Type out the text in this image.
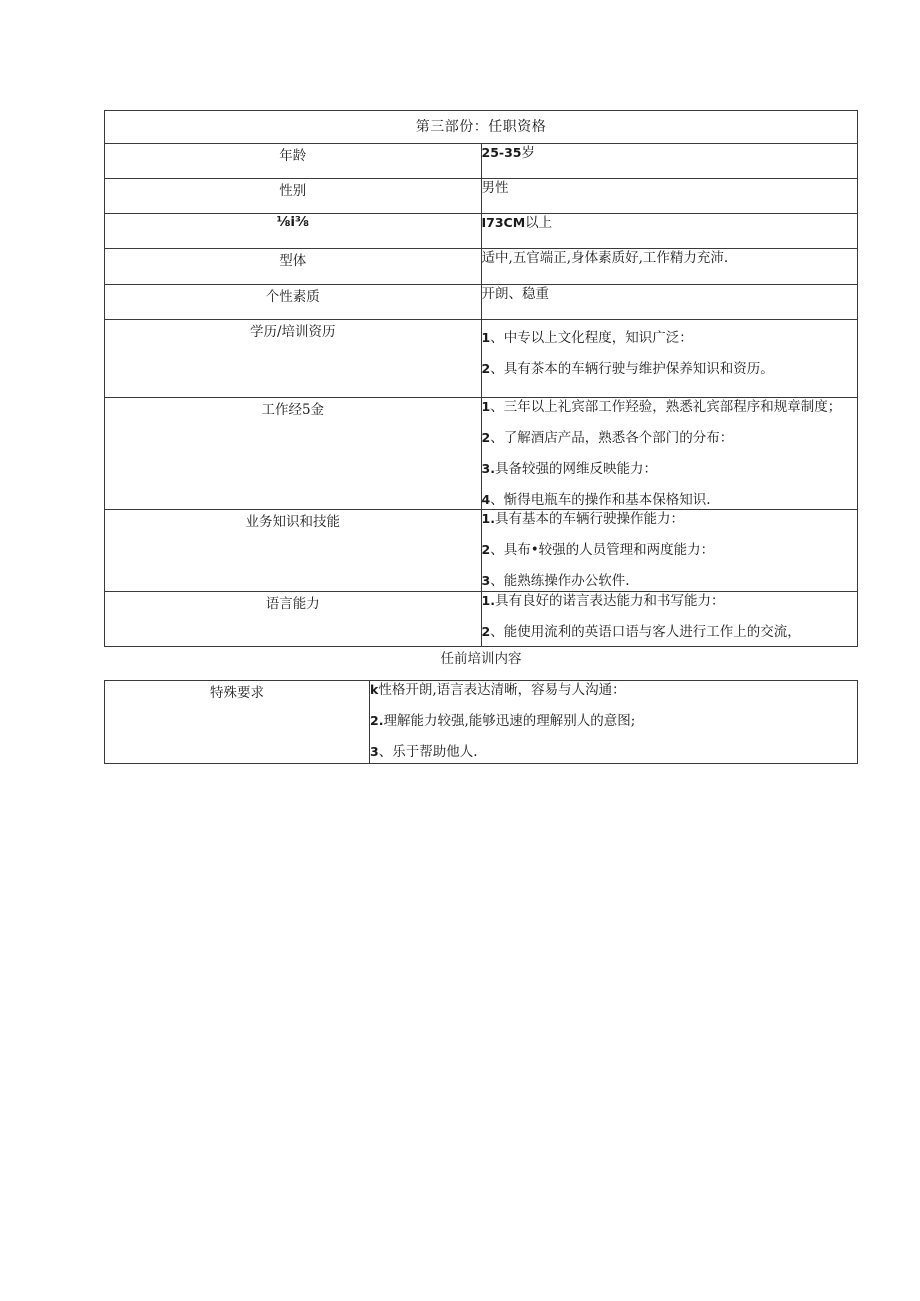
第三部份：任职资格	
年龄	25-35岁

性别	男性

⅛i⅜	I73CM以上

型体	适中,五官端正,身体素质好,工作精力充沛.

个性素质	开朗、稳重

学历/培训资历	1、中专以上文化程度，知识广泛：
2、具有茶本的车辆行驶与维护保养知识和资历。

工作经5金	1、三年以上礼宾部工作羟验，熟悉礼宾部程序和规章制度；
2、了解酒店产品，熟悉各个部门的分布：
3.具备较强的网维反映能力：
4、惭得电瓶车的操作和基本保格知识.

业务知识和技能	1.具有基本的车辆行驶操作能力：
2、具布•较强的人员管理和两度能力：
3、能熟练操作办公软件.

语言能力	1.具有良好的诺言表达能力和书写能力：
2、能使用流利的英语口语与客人进行工作上的交流，
任前培训内容
特殊要求	k性格开朗,语言表达清晰，容易与人沟通：
2.理解能力较强,能够迅速的理解别人的意图;
3、乐于帮助他人.
